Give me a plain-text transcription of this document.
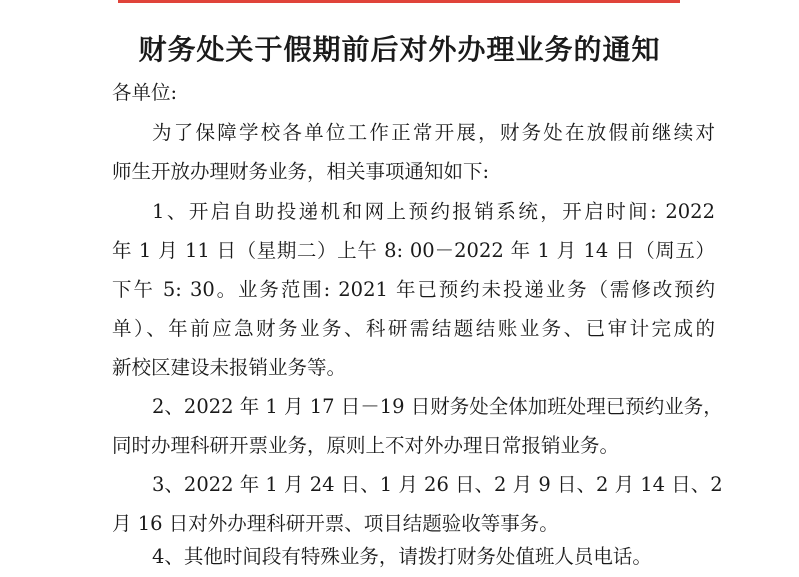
财务处关于假期前后对外办理业务的通知
各单位:
为了保障学校各单位工作正常开展，财务处在放假前继续对
师生开放办理财务业务，相关事项通知如下:
1、开启自助投递机和网上预约报销系统，开启时间: 2022
年 1 月 11 日（星期二）上午 8: 00－2022 年 1 月 14 日（周五）
下午 5: 30。业务范围: 2021 年已预约未投递业务（需修改预约
单）、年前应急财务业务、科研需结题结账业务、已审计完成的
新校区建设未报销业务等。
2、2022 年 1 月 17 日－19 日财务处全体加班处理已预约业务，
同时办理科研开票业务，原则上不对外办理日常报销业务。
3、2022 年 1 月 24 日、1 月 26 日、2 月 9 日、2 月 14 日、2
月 16 日对外办理科研开票、项目结题验收等事务。
4、其他时间段有特殊业务，请拨打财务处值班人员电话。
